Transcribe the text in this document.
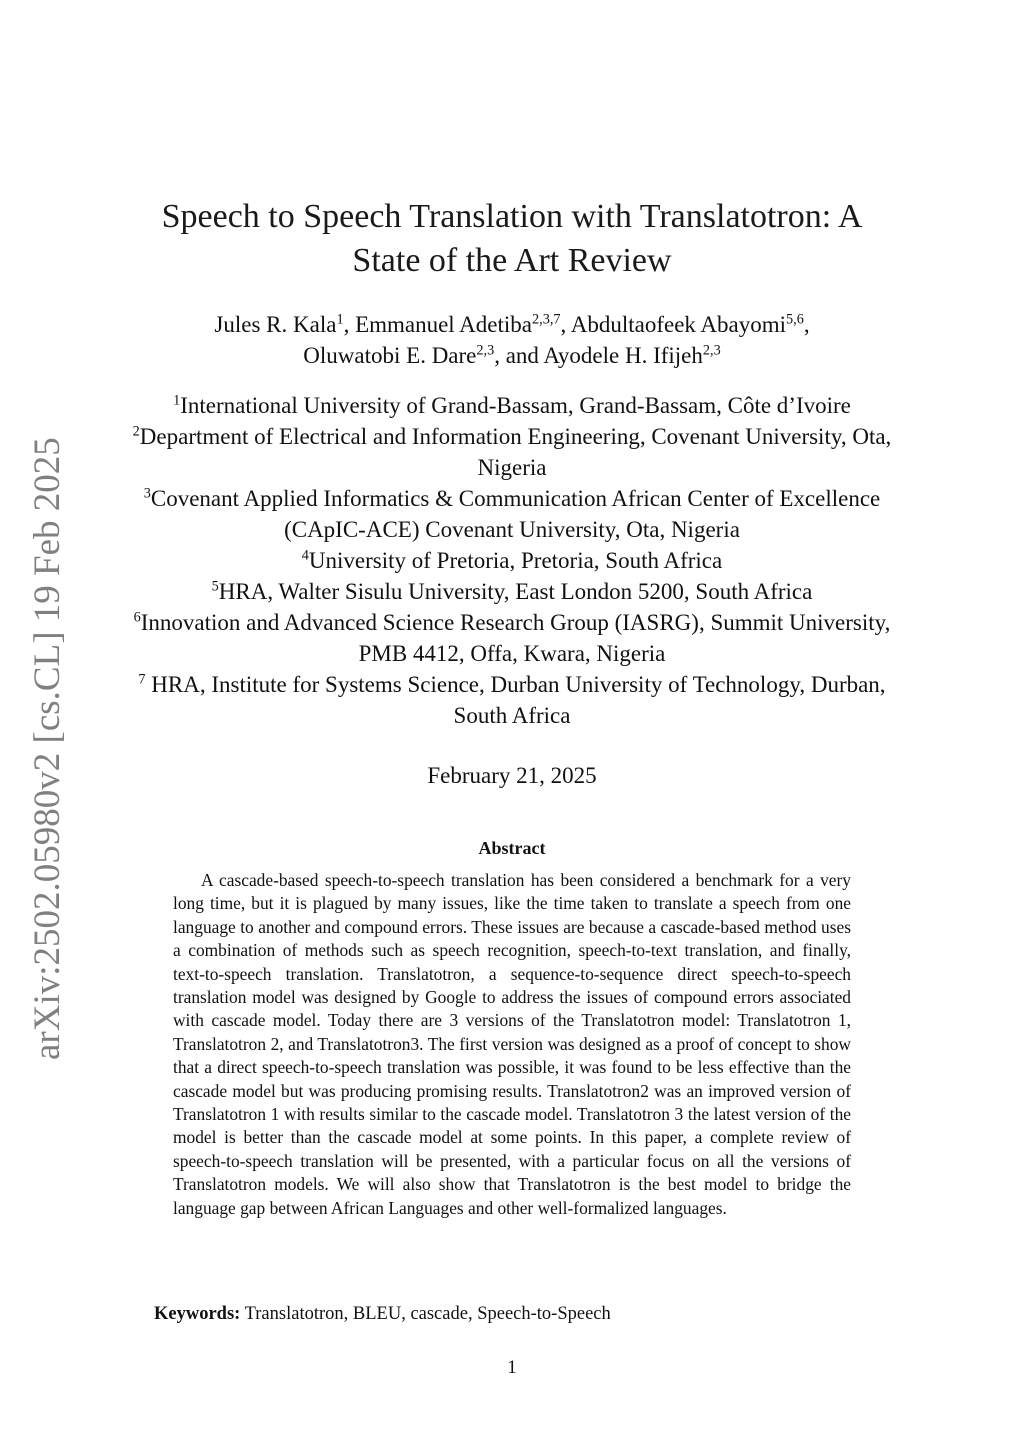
arXiv:2502.05980v2 [cs.CL] 19 Feb 2025
Speech to Speech Translation with Translatotron: A
State of the Art Review
Jules R. Kala$^1$, Emmanuel Adetiba$^{2,3,7}$, Abdultaofeek Abayomi$^{5,6}$,
Oluwatobi E. Dare$^{2,3}$, and Ayodele H. Ifijeh$^{2,3}$
$^1$International University of Grand-Bassam, Grand-Bassam, Côte d’Ivoire
$^2$Department of Electrical and Information Engineering, Covenant University, Ota, Nigeria
$^3$Covenant Applied Informatics & Communication African Center of Excellence (CApIC-ACE) Covenant University, Ota, Nigeria
$^4$University of Pretoria, Pretoria, South Africa
$^5$HRA, Walter Sisulu University, East London 5200, South Africa
$^6$Innovation and Advanced Science Research Group (IASRG), Summit University, PMB 4412, Offa, Kwara, Nigeria
$^7$ HRA, Institute for Systems Science, Durban University of Technology, Durban, South Africa
February 21, 2025
Abstract

A cascade-based speech-to-speech translation has been considered a benchmark for a very long time, but it is plagued by many issues, like the time taken to translate a speech from one language to another and compound errors. These issues are because a cascade-based method uses a combination of methods such as speech recognition, speech-to-text translation, and finally, text-to-speech translation. Translatotron, a sequence-to-sequence direct speech-to-speech translation model was designed by Google to address the issues of compound errors associated with cascade model. Today there are 3 versions of the Translatotron model: Translatotron 1, Translatotron 2, and Translatotron3. The first version was designed as a proof of concept to show that a direct speech-to-speech translation was possible, it was found to be less effective than the cascade model but was producing promising results. Translatotron2 was an improved version of Translatotron 1 with results similar to the cascade model. Translatotron 3 the latest version of the model is better than the cascade model at some points. In this paper, a complete review of speech-to-speech translation will be presented, with a particular focus on all the versions of Translatotron models. We will also show that Translatotron is the best model to bridge the language gap between African Languages and other well-formalized languages.

Keywords: Translatotron, BLEU, cascade, Speech-to-Speech
1
